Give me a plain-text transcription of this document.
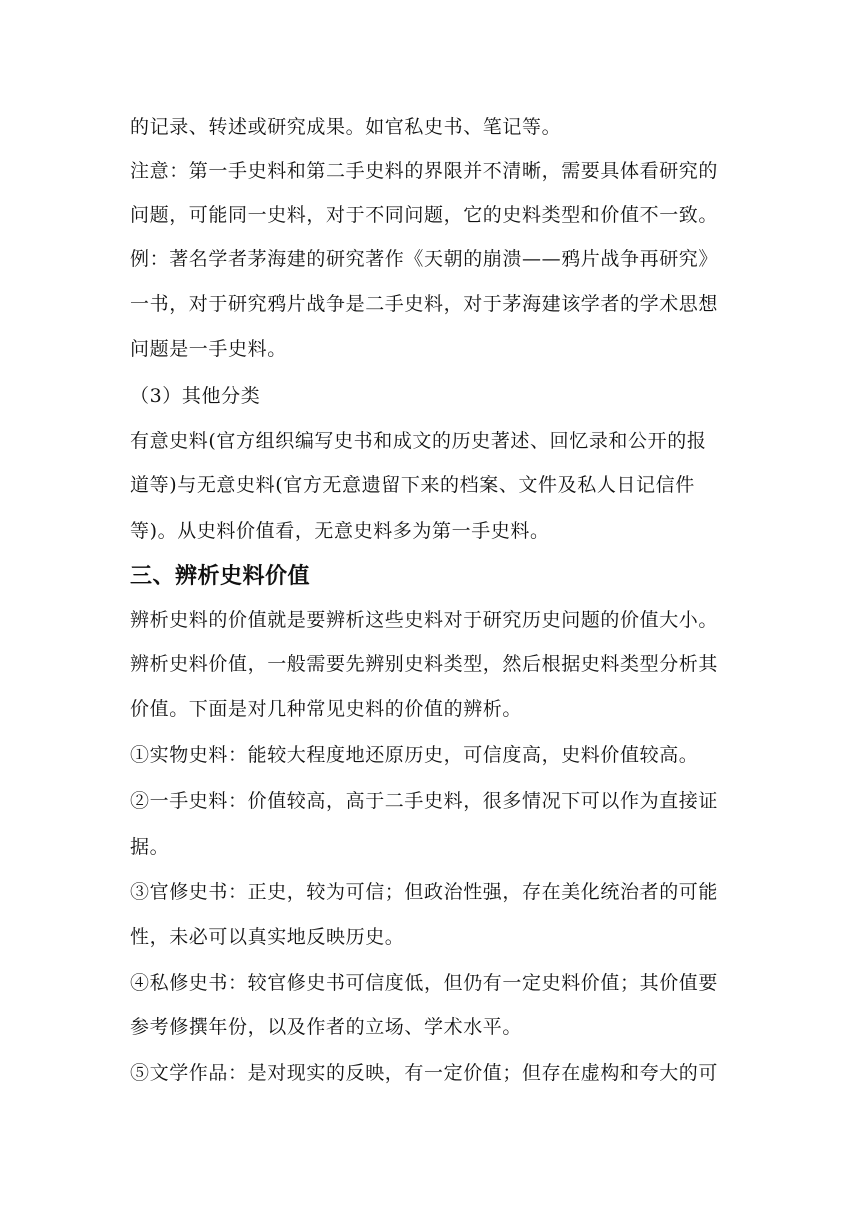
的记录、转述或研究成果。如官私史书、笔记等。
注意：第一手史料和第二手史料的界限并不清晰，需要具体看研究的
问题，可能同一史料，对于不同问题，它的史料类型和价值不一致。
例：著名学者茅海建的研究著作《天朝的崩溃——鸦片战争再研究》
一书，对于研究鸦片战争是二手史料，对于茅海建该学者的学术思想
问题是一手史料。
（3）其他分类
有意史料(官方组织编写史书和成文的历史著述、回忆录和公开的报
道等)与无意史料(官方无意遗留下来的档案、文件及私人日记信件
等)。从史料价值看，无意史料多为第一手史料。
三、辨析史料价值
辨析史料的价值就是要辨析这些史料对于研究历史问题的价值大小。
辨析史料价值，一般需要先辨别史料类型，然后根据史料类型分析其
价值。下面是对几种常见史料的价值的辨析。
①实物史料：能较大程度地还原历史，可信度高，史料价值较高。
②一手史料：价值较高，高于二手史料，很多情况下可以作为直接证
据。
③官修史书：正史，较为可信；但政治性强，存在美化统治者的可能
性，未必可以真实地反映历史。
④私修史书：较官修史书可信度低，但仍有一定史料价值；其价值要
参考修撰年份，以及作者的立场、学术水平。
⑤文学作品：是对现实的反映，有一定价值；但存在虚构和夸大的可
